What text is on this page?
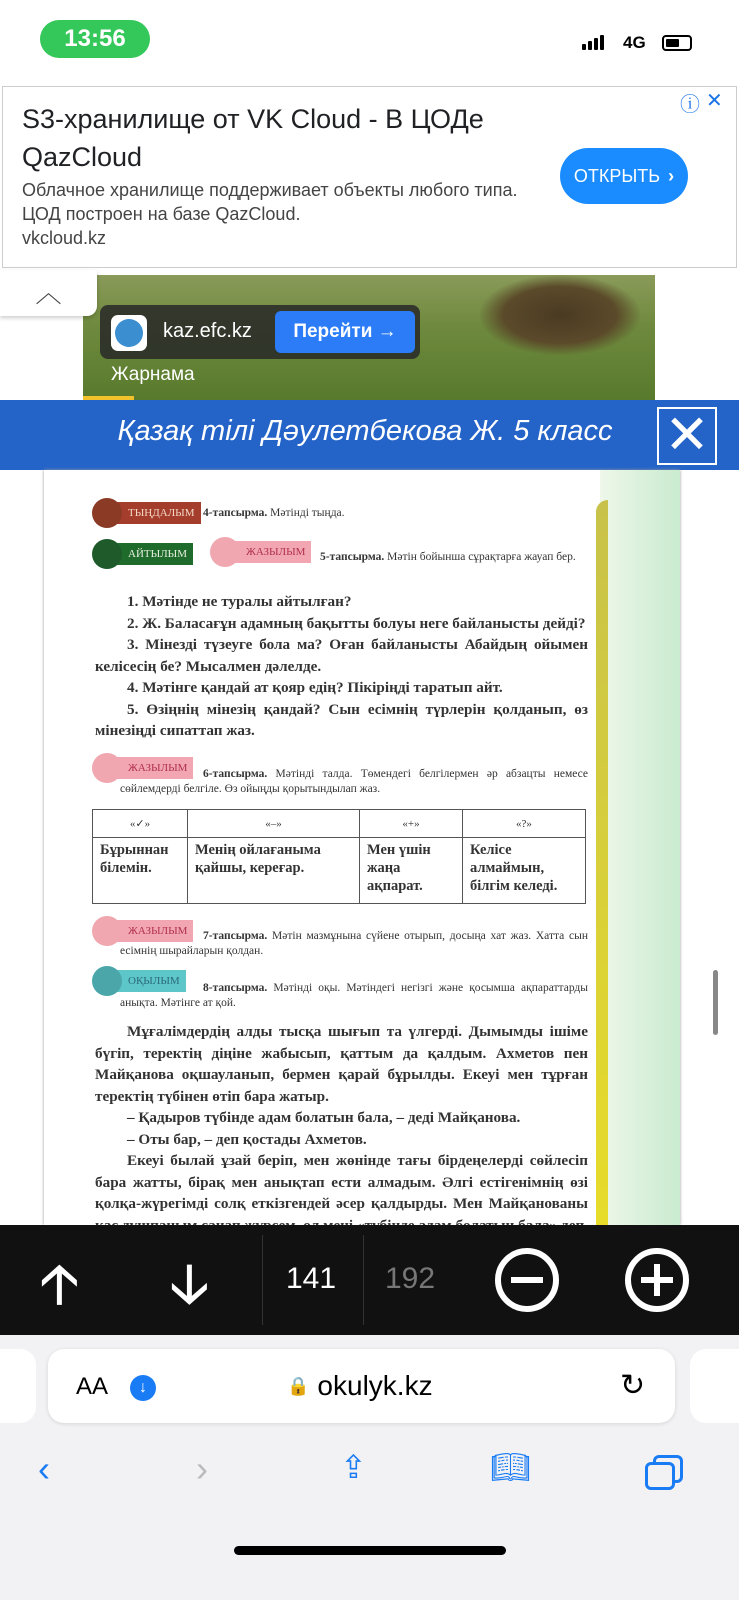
13:56	4G
S3-хранилище от VK Cloud - В ЦОДе QazCloud
Облачное хранилище поддерживает объекты любого типа. ЦОД построен на базе QazCloud.
vkcloud.kz
ОТКРЫТЬ ›
ⓘ ✕
︿
kaz.efc.kz	Перейти →
Жарнама
Қазақ тілі Дәулетбекова Ж. 5 класс ✕
ТЫҢДАЛЫМ 4-тапсырма. Мәтінді тыңда.
АЙТЫЛЫМ	ЖАЗЫЛЫМ	5-тапсырма. Мәтін бойынша сұрақтарға жауап бер.
1. Мәтінде не туралы айтылған?
2. Ж. Баласағұн адамның бақытты болуы неге байланысты дейді?
3. Мінезді түзеуге бола ма? Оған байланысты Абайдың ойымен келісесің бе? Мысалмен дәлелде.
4. Мәтінге қандай ат қояр едің? Пікіріңді таратып айт.
5. Өзіңнің мінезің қандай? Сын есімнің түрлерін қолданып, өз мінезіңді сипаттап жаз.
ЖАЗЫЛЫМ	6-тапсырма. Мәтінді талда. Төмендегі белгілермен әр абзацты немесе сөйлемдерді белгіле. Өз ойыңды қорытындылап жаз.
«✓»	«–»	«+»	«?»
Бұрыннан білемін.	Менің ойлағаныма қайшы, кереғар.	Мен үшін жаңа ақпарат.	Келісе алмаймын, білгім келеді.
ЖАЗЫЛЫМ	7-тапсырма. Мәтін мазмұнына сүйене отырып, досыңа хат жаз. Хатта сын есімнің шырайларын қолдан.
ОҚЫЛЫМ
8-тапсырма. Мәтінді оқы. Мәтіндегі негізгі және қосымша ақпараттарды анықта. Мәтінге ат қой.
Мұғалімдердің алды тысқа шығып та үлгерді. Дымымды ішіме бүгіп, теректің діңіне жабысып, қаттым да қалдым. Ахметов пен Майқанова оқшауланып, бермен қарай бұрылды. Екеуі мен тұрған теректің түбінен өтіп бара жатыр.
– Қадыров түбінде адам болатын бала, – деді Майқанова.
– Оты бар, – деп қостады Ахметов.
Екеуі былай ұзай беріп, мен жөнінде тағы бірдеңелерді сөйлесіп бара жатты, бірақ мен анықтап ести алмадым. Әлгі естігенімнің өзі қолқа-жүрегімді солқ еткізгендей әсер қалдырды. Мен Майқанованы
🡡 🡣	141 192
AA	↓	🔒 okulyk.kz	↻
‹	›	⇪	📖︎
